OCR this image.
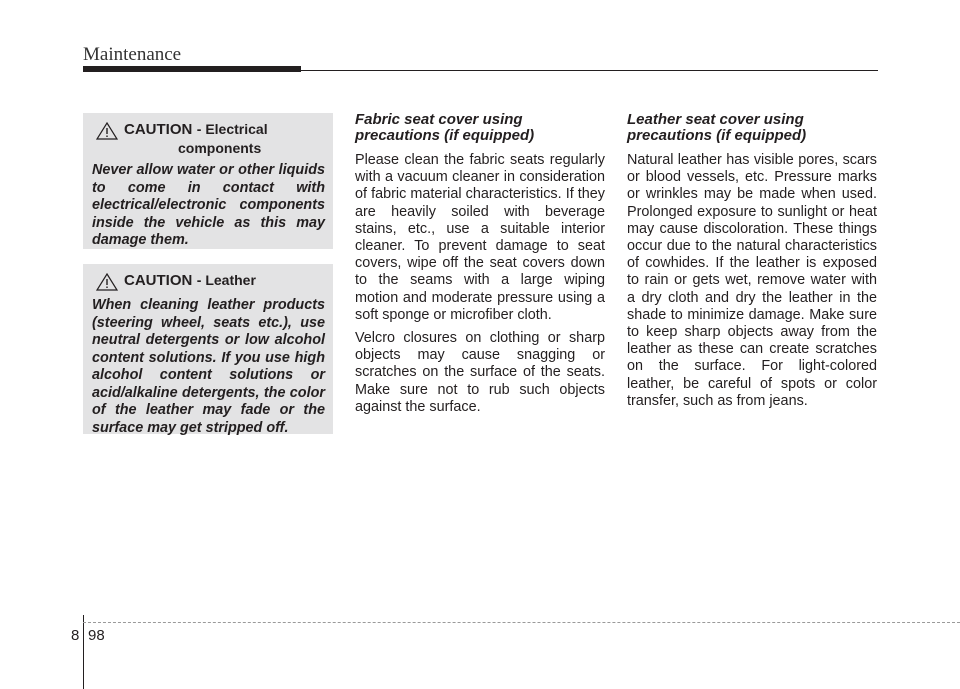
Maintenance
CAUTION - Electrical
components
Never allow water or other liquids to come in contact with electrical/electronic components inside the vehicle as this may damage them.
CAUTION - Leather
When cleaning leather products (steering wheel, seats etc.), use neutral detergents or low alcohol content solutions. If you use high alcohol content solutions or acid/alkaline detergents, the color of the leather may fade or the surface may get stripped off.
Fabric seat cover using precautions (if equipped)

Please clean the fabric seats regularly with a vacuum cleaner in consideration of fabric material characteristics. If they are heavily soiled with beverage stains, etc., use a suitable interior cleaner. To prevent damage to seat covers, wipe off the seat covers down to the seams with a large wiping motion and moderate pressure using a soft sponge or microfiber cloth.

Velcro closures on clothing or sharp objects may cause snagging or scratches on the surface of the seats. Make sure not to rub such objects against the surface.

Leather seat cover using precautions (if equipped)

Natural leather has visible pores, scars or blood vessels, etc. Pressure marks or wrinkles may be made when used. Prolonged exposure to sunlight or heat may cause discoloration. These things occur due to the natural characteristics of cowhides. If the leather is exposed to rain or gets wet, remove water with a dry cloth and dry the leather in the shade to minimize damage. Make sure to keep sharp objects away from the leather as these can create scratches on the surface. For light-colored leather, be careful of spots or color transfer, such as from jeans.

8 98
